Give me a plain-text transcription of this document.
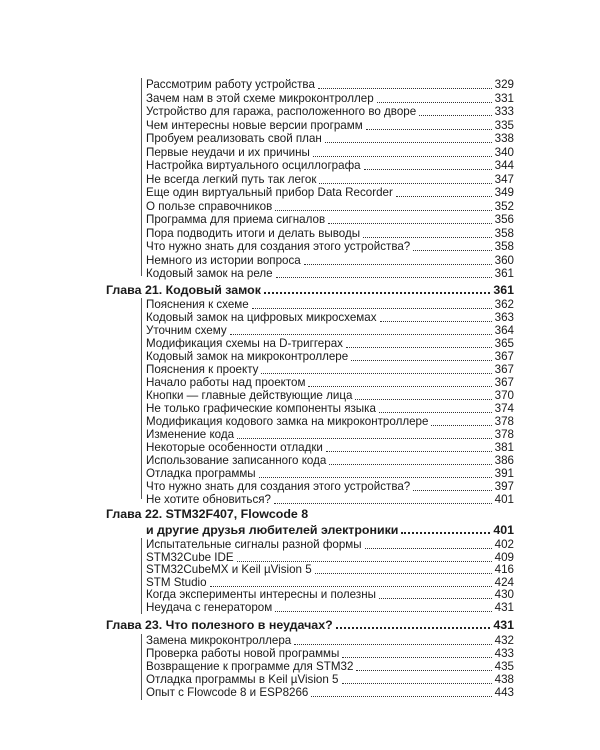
Рассмотрим работу устройства	329
Зачем нам в этой схеме микроконтроллер	331
Устройство для гаража, расположенного во дворе	333
Чем интересны новые версии программ	335
Пробуем реализовать свой план	338
Первые неудачи и их причины	340
Настройка виртуального осциллографа	344
Не всегда легкий путь так легок	347
Еще один виртуальный прибор Data Recorder	349
О пользе справочников	352
Программа для приема сигналов	356
Пора подводить итоги и делать выводы	358
Что нужно знать для создания этого устройства?	358
Немного из истории вопроса	360
Кодовый замок на реле	361
Глава 21. Кодовый замок	361
Пояснения к схеме	362
Кодовый замок на цифровых микросхемах	363
Уточним схему	364
Модификация схемы на D-триггерах	365
Кодовый замок на микроконтроллере	367
Пояснения к проекту	367
Начало работы над проектом	367
Кнопки — главные действующие лица	370
Не только графические компоненты языка	374
Модификация кодового замка на микроконтроллере	378
Изменение кода	378
Некоторые особенности отладки	381
Использование записанного кода	386
Отладка программы	391
Что нужно знать для создания этого устройства?	397
Не хотите обновиться?	401
Глава 22. STM32F407, Flowcode 8
и другие друзья любителей электроники	401
Испытательные сигналы разной формы	402
STM32Cube IDE	409
STM32CubeMX и Keil µVision 5	416
STM Studio	424
Когда эксперименты интересны и полезны	430
Неудача с генератором	431
Глава 23. Что полезного в неудачах?	431
Замена микроконтроллера	432
Проверка работы новой программы	433
Возвращение к программе для STM32	435
Отладка программы в Keil µVision 5	438
Опыт с Flowcode 8 и ESP8266	443
